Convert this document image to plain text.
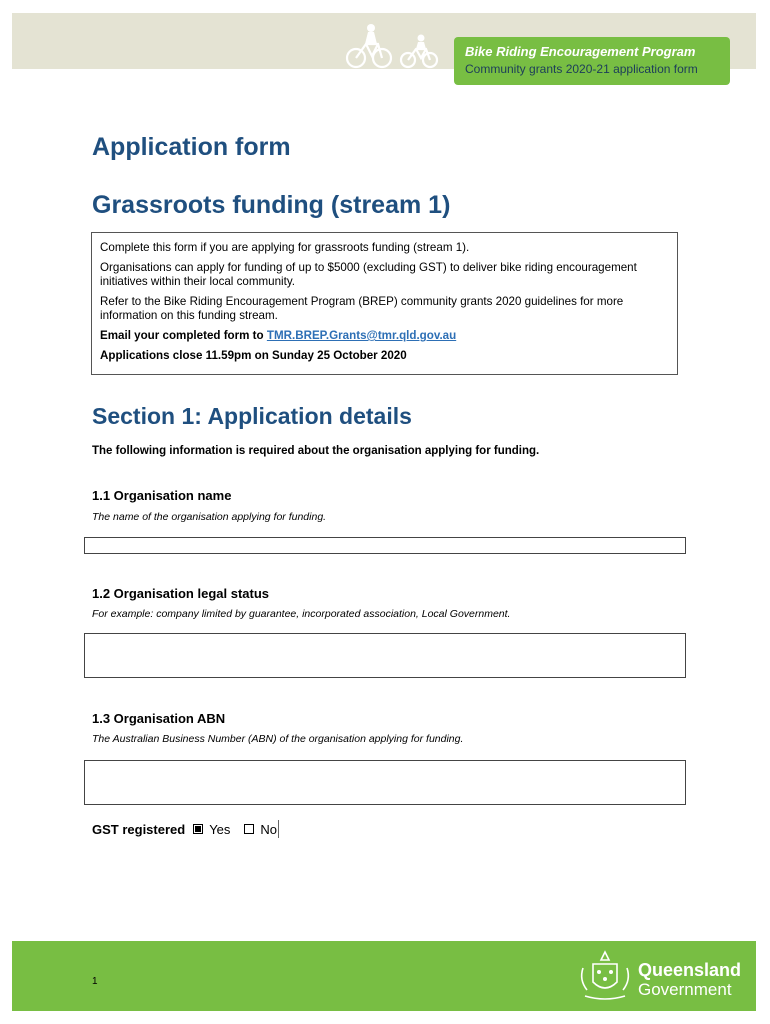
Bike Riding Encouragement Program
Community grants 2020-21 application form
Application form
Grassroots funding (stream 1)

Complete this form if you are applying for grassroots funding (stream 1).

Organisations can apply for funding of up to $5000 (excluding GST) to deliver bike riding encouragement initiatives within their local community.

Refer to the Bike Riding Encouragement Program (BREP) community grants 2020 guidelines for more information on this funding stream.

Email your completed form to TMR.BREP.Grants@tmr.qld.gov.au

Applications close 11.59pm on Sunday 25 October 2020

Section 1: Application details
The following information is required about the organisation applying for funding.
1.1 Organisation name
The name of the organisation applying for funding.
1.2 Organisation legal status
For example: company limited by guarantee, incorporated association, Local Government.
1.3 Organisation ABN
The Australian Business Number (ABN) of the organisation applying for funding.
GST registered Yes No
1
Queensland
Government
